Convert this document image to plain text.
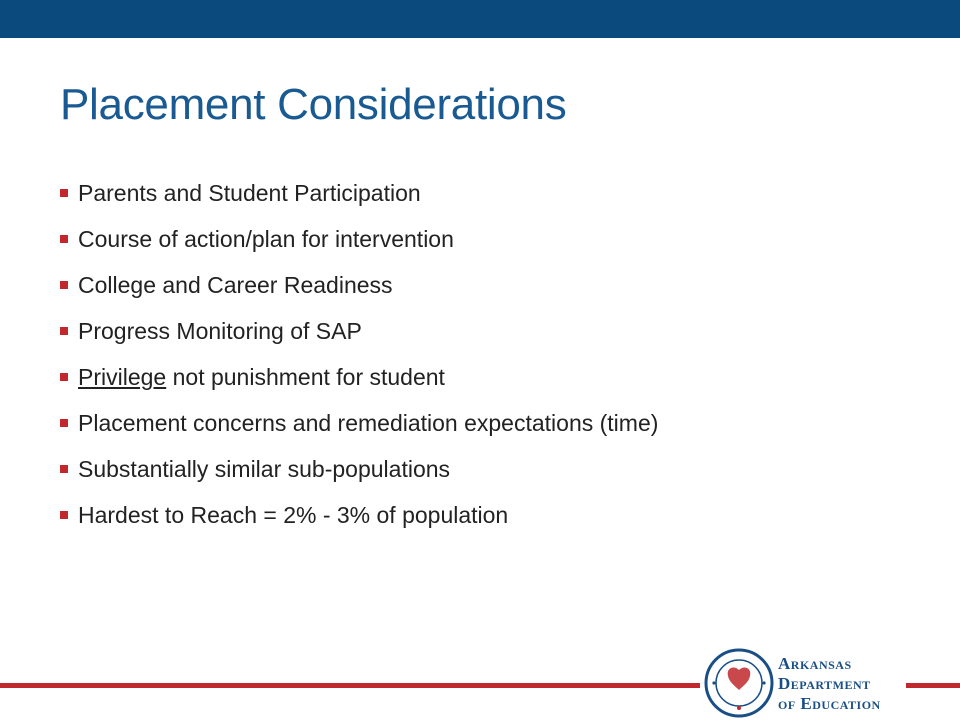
Placement Considerations
Parents and Student Participation
Course of action/plan for intervention
College and Career Readiness
Progress Monitoring of SAP
Privilege not punishment for student
Placement concerns and remediation expectations (time)
Substantially similar sub-populations
Hardest to Reach = 2% - 3% of population
Arkansas
Department
of Education
